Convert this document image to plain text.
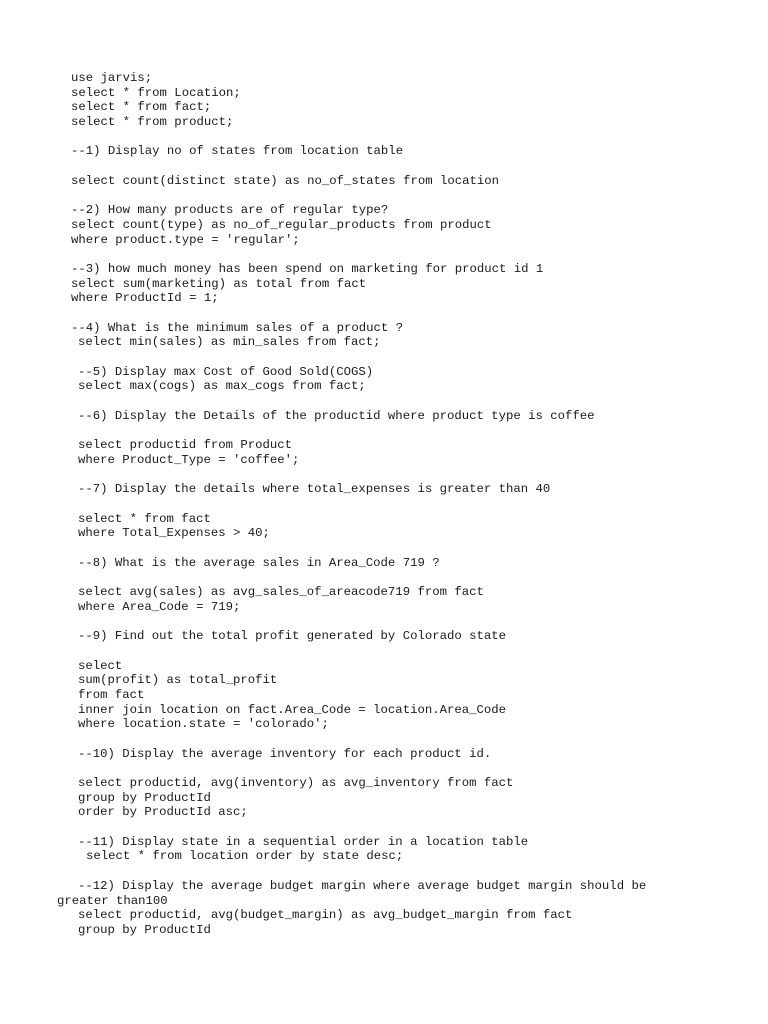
use jarvis;
select * from Location;
select * from fact;
select * from product;
--1) Display no of states from location table
select count(distinct state) as no_of_states from location
--2) How many products are of regular type?
select count(type) as no_of_regular_products from product
where product.type = 'regular';
--3) how much money has been spend on marketing for product id 1
select sum(marketing) as total from fact
where ProductId = 1;
--4) What is the minimum sales of a product ?
select min(sales) as min_sales from fact;
--5) Display max Cost of Good Sold(COGS)
select max(cogs) as max_cogs from fact;
--6) Display the Details of the productid where product type is coffee
select productid from Product
where Product_Type = 'coffee';
--7) Display the details where total_expenses is greater than 40
select * from fact
where Total_Expenses > 40;
--8) What is the average sales in Area_Code 719 ?
select avg(sales) as avg_sales_of_areacode719 from fact
where Area_Code = 719;
--9) Find out the total profit generated by Colorado state
select
sum(profit) as total_profit
from fact
inner join location on fact.Area_Code = location.Area_Code
where location.state = 'colorado';
--10) Display the average inventory for each product id.
select productid, avg(inventory) as avg_inventory from fact
group by ProductId
order by ProductId asc;
--11) Display state in a sequential order in a location table
select * from location order by state desc;
--12) Display the average budget margin where average budget margin should be
greater than100
select productid, avg(budget_margin) as avg_budget_margin from fact
group by ProductId
